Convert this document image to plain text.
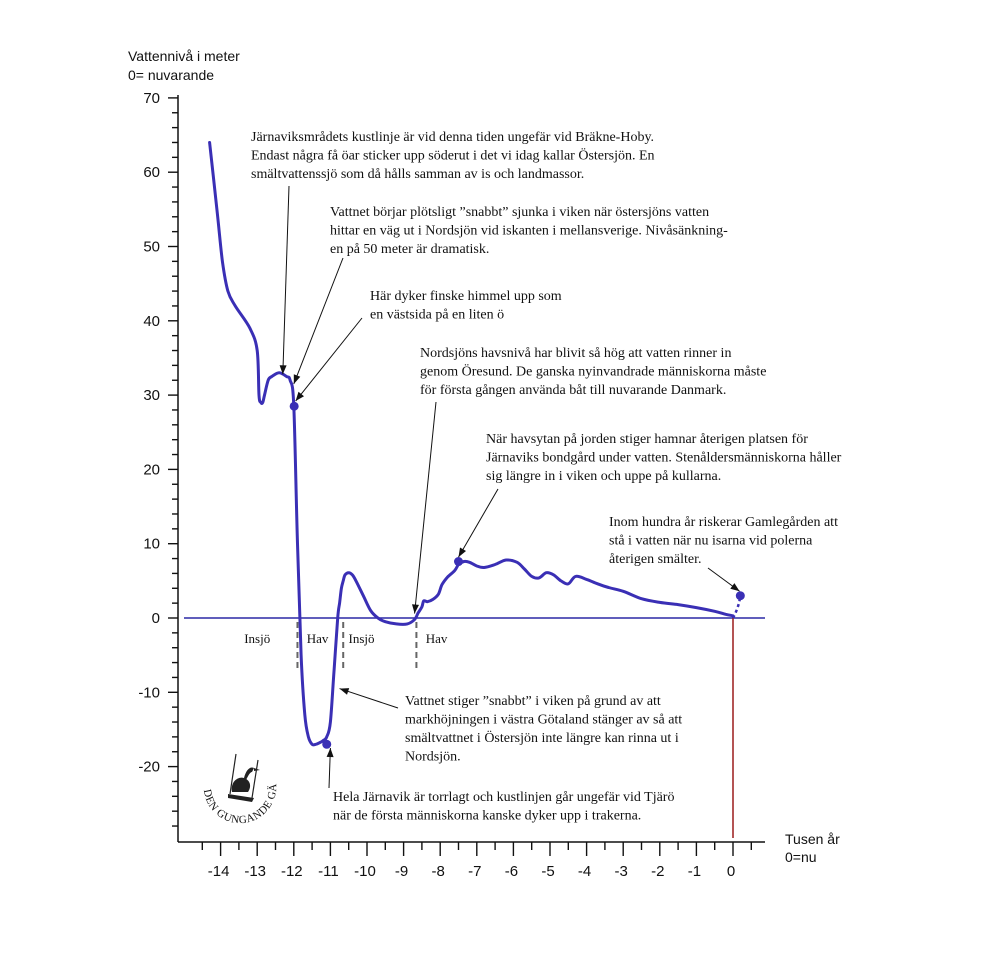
Vattennivå i meter
0= nuvarande
Tusen år
0=nu
70
60
50
40
30
20
10
0
-10
-20
-14 -13 -12 -11 -10 -9 -8 -7 -6 -5 -4 -3 -2 -1 0
Insjö	Hav Insjö	Hav
Järnaviksmrådets kustlinje är vid denna tiden ungefär vid Bräkne-Hoby.
Endast några få öar sticker upp söderut i det vi idag kallar Östersjön. En
smältvattenssjö som då hålls samman av is och landmassor.
Vattnet börjar plötsligt ”snabbt” sjunka i viken när östersjöns vatten
hittar en väg ut i Nordsjön vid iskanten i mellansverige. Nivåsänkning-
en på 50 meter är dramatisk.
Här dyker finske himmel upp som
en västsida på en liten ö
Nordsjöns havsnivå har blivit så hög att vatten rinner in
genom Öresund. De ganska nyinvandrade människorna måste
för första gången använda båt till nuvarande Danmark.
När havsytan på jorden stiger hamnar återigen platsen för
Järnaviks bondgård under vatten. Stenåldersmänniskorna håller
sig längre in i viken och uppe på kullarna.
Inom hundra år riskerar Gamlegården att
stå i vatten när nu isarna vid polerna
återigen smälter.
Vattnet stiger ”snabbt” i viken på grund av att
markhöjningen i västra Götaland stänger av så att
smältvattnet i Östersjön inte längre kan rinna ut i
Nordsjön.
Hela Järnavik är torrlagt och kustlinjen går ungefär vid Tjärö
när de första människorna kanske dyker upp i trakerna.
DEN GUNGANDE GÄ
